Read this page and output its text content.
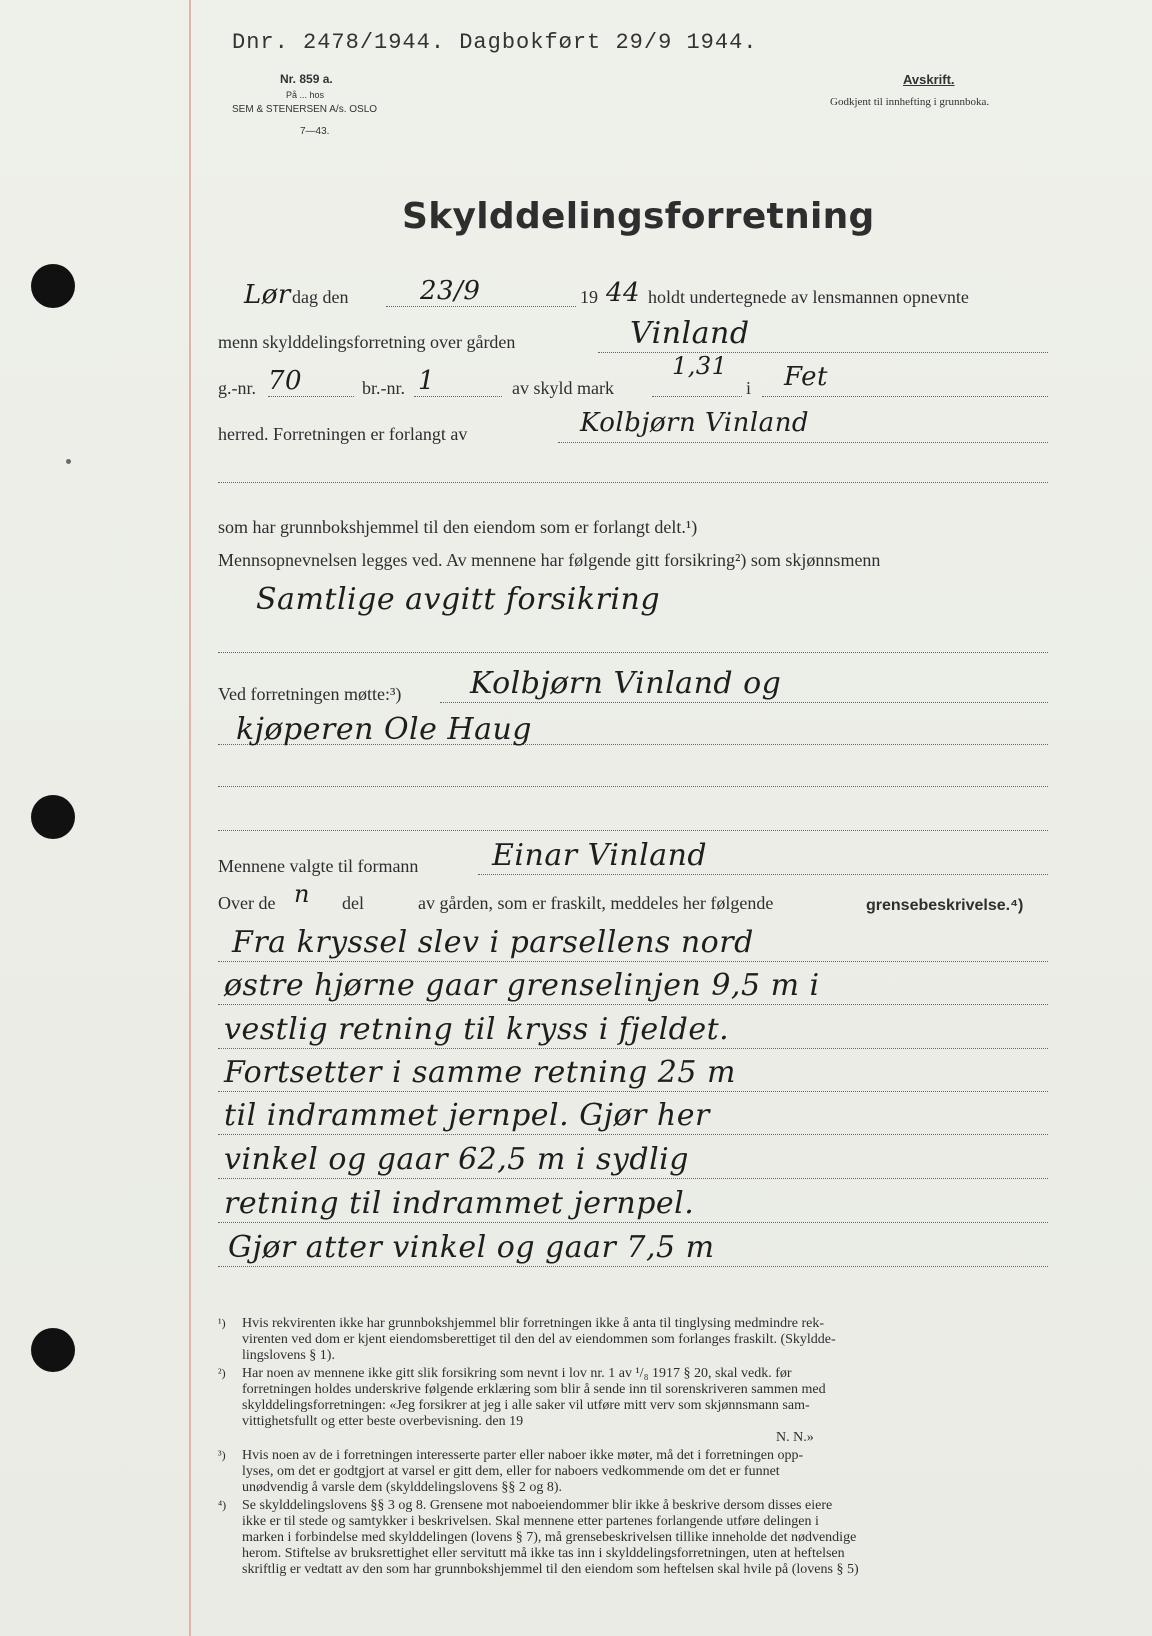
Dnr. 2478/1944. Dagbokført 29/9 1944.
Nr. 859 a.
På ... hos
SEM & STENERSEN A/s. OSLO
7—43.
Avskrift.
Godkjent til innhefting i grunnboka.
Skylddelingsforretning
Lør dag den	23/9	19 44 holdt undertegnede av lensmannen opnevnte
menn skylddelingsforretning over gården	Vinland
g.-nr. 70	br.-nr. 1	av skyld mark
1,31
i Fet
herred. Forretningen er forlangt av	Kolbjørn Vinland
som har grunnbokshjemmel til den eiendom som er forlangt delt.¹)
Mennsopnevnelsen legges ved. Av mennene har følgende gitt forsikring²) som skjønnsmenn
Samtlige avgitt forsikring
Ved forretningen møtte:³) Kolbjørn Vinland og
kjøperen Ole Haug
Mennene valgte til formann Einar Vinland
Over de n del	av gården, som er fraskilt, meddeles her følgende	grensebeskrivelse.⁴)
Fra kryssel slev i parsellens nord
østre hjørne gaar grenselinjen 9,5 m i
vestlig retning til kryss i fjeldet.
Fortsetter i samme retning 25 m
til indrammet jernpel. Gjør her
vinkel og gaar 62,5 m i sydlig
retning til indrammet jernpel.
Gjør atter vinkel og gaar 7,5 m
¹) Hvis rekvirenten ikke har grunnbokshjemmel blir forretningen ikke å anta til tinglysing medmindre rek-
virenten ved dom er kjent eiendomsberettiget til den del av eiendommen som forlanges fraskilt. (Skyldde-
lingslovens § 1).
²) Har noen av mennene ikke gitt slik forsikring som nevnt i lov nr. 1 av ¹/₈ 1917 § 20, skal vedk. før
forretningen holdes underskrive følgende erklæring som blir å sende inn til sorenskriveren sammen med
skylddelingsforretningen: «Jeg forsikrer at jeg i alle saker vil utføre mitt verv som skjønnsmann sam-
vittighetsfullt og etter beste overbevisning. den 19
N. N.»
³) Hvis noen av de i forretningen interesserte parter eller naboer ikke møter, må det i forretningen opp-
lyses, om det er godtgjort at varsel er gitt dem, eller for naboers vedkommende om det er funnet
unødvendig å varsle dem (skylddelingslovens §§ 2 og 8).
⁴) Se skylddelingslovens §§ 3 og 8. Grensene mot naboeiendommer blir ikke å beskrive dersom disses eiere
ikke er til stede og samtykker i beskrivelsen. Skal mennene etter partenes forlangende utføre delingen i
marken i forbindelse med skylddelingen (lovens § 7), må grensebeskrivelsen tillike inneholde det nødvendige
herom. Stiftelse av bruksrettighet eller servitutt må ikke tas inn i skylddelingsforretningen, uten at heftelsen
skriftlig er vedtatt av den som har grunnbokshjemmel til den eiendom som heftelsen skal hvile på (lovens § 5)
